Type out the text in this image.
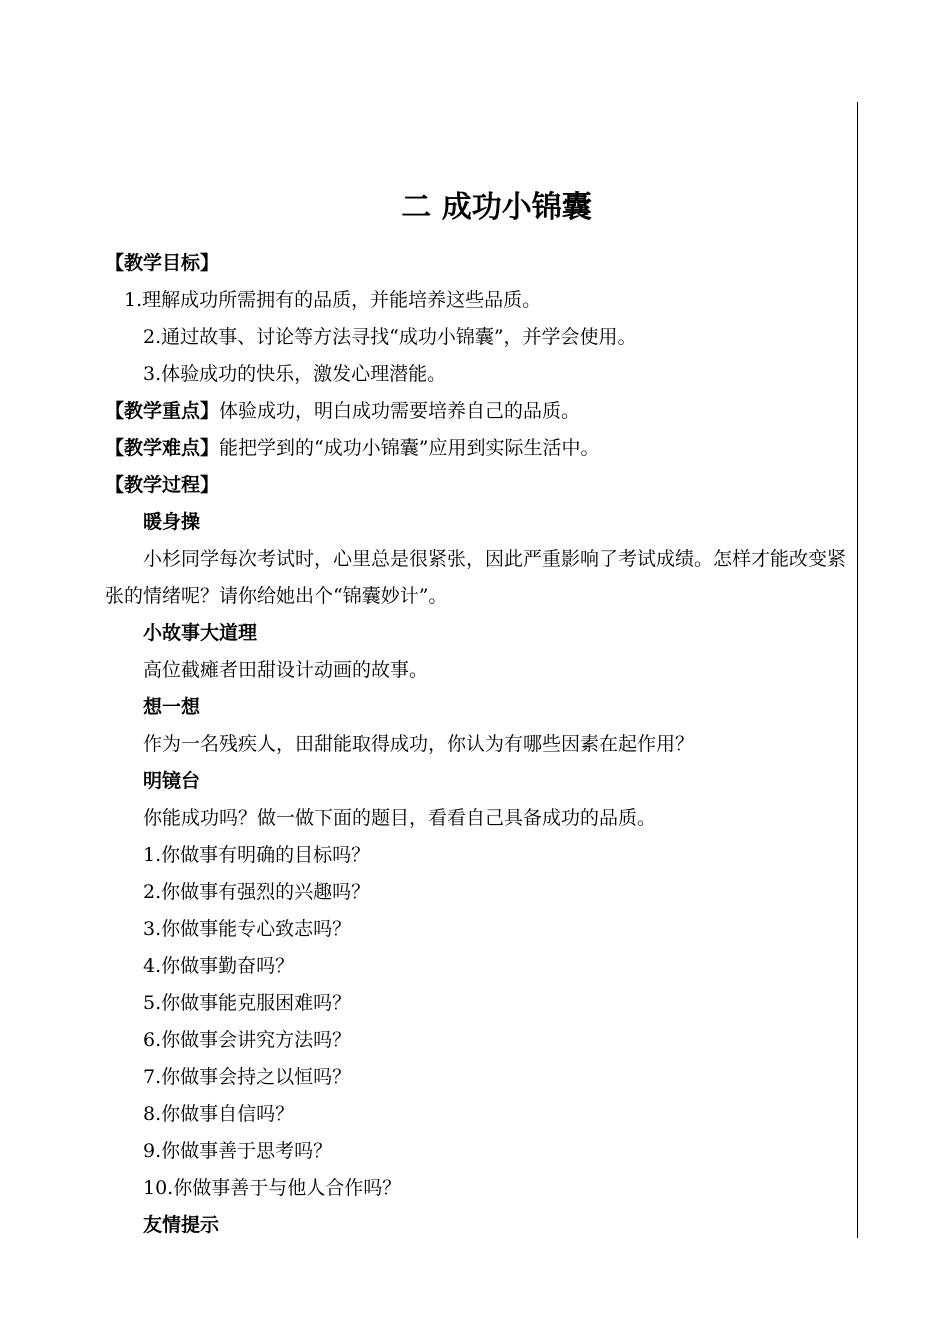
二 成功小锦囊

【教学目标】

1.理解成功所需拥有的品质，并能培养这些品质。

2.通过故事、讨论等方法寻找“成功小锦囊”，并学会使用。

3.体验成功的快乐，激发心理潜能。

【教学重点】体验成功，明白成功需要培养自己的品质。

【教学难点】能把学到的“成功小锦囊”应用到实际生活中。

【教学过程】

暖身操

小杉同学每次考试时，心里总是很紧张，因此严重影响了考试成绩。怎样才能改变紧张的情绪呢？请你给她出个“锦囊妙计”。

小故事大道理

高位截瘫者田甜设计动画的故事。

想一想

作为一名残疾人，田甜能取得成功，你认为有哪些因素在起作用？

明镜台

你能成功吗？做一做下面的题目，看看自己具备成功的品质。

1.你做事有明确的目标吗？

2.你做事有强烈的兴趣吗？

3.你做事能专心致志吗？

4.你做事勤奋吗？

5.你做事能克服困难吗？

6.你做事会讲究方法吗？

7.你做事会持之以恒吗？

8.你做事自信吗？

9.你做事善于思考吗？

10.你做事善于与他人合作吗？

友情提示
